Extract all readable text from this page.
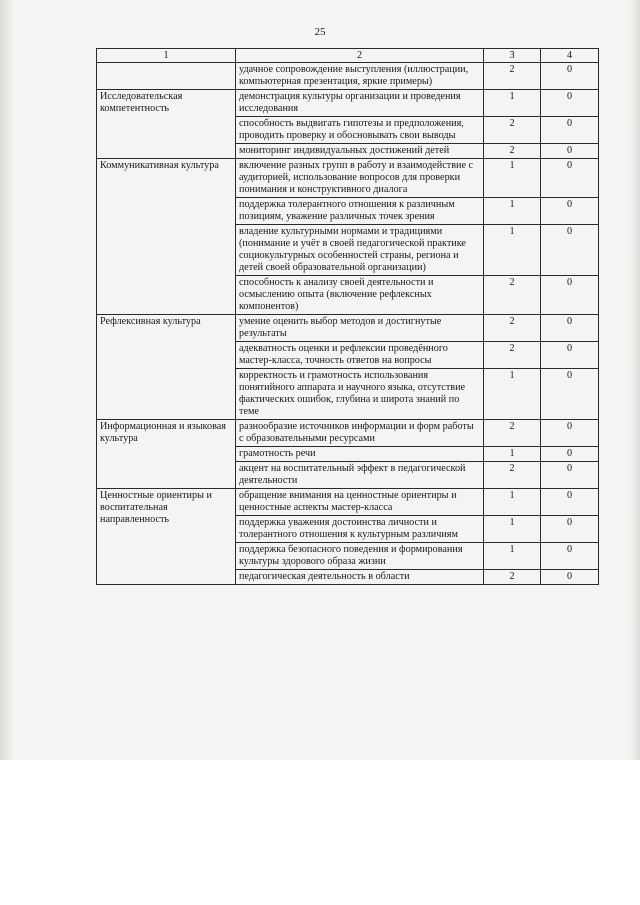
25
1	2	3	4
	удачное сопровождение выступления (иллюстрации, компьютерная презентация, яркие примеры)	2	0
Исследовательская компетентность	демонстрация культуры организации и проведения исследования	1	0
	способность выдвигать гипотезы и предположения, проводить проверку и обосновывать свои выводы	2	0
	мониторинг индивидуальных достижений детей	2	0
Коммуникативная культура	включение разных групп в работу и взаимодействие с аудиторией, использование вопросов для проверки понимания и конструктивного диалога	1	0
	поддержка толерантного отношения к различным позициям, уважение различных точек зрения	1	0
	владение культурными нормами и традициями (понимание и учёт в своей педагогической практике социокультурных особенностей страны, региона и детей своей образовательной организации)	1	0
	способность к анализу своей деятельности и осмыслению опыта (включение рефлексных компонентов)	2	0
Рефлексивная культура	умение оценить выбор методов и достигнутые результаты	2	0
	адекватность оценки и рефлексии проведённого мастер-класса, точность ответов на вопросы	2	0
	корректность и грамотность использования понятийного аппарата и научного языка, отсутствие фактических ошибок, глубина и широта знаний по теме	1	0
Информационная и языковая культура	разнообразие источников информации и форм работы с образовательными ресурсами	2	0
	грамотность речи	1	0
	акцент на воспитательный эффект в педагогической деятельности	2	0
Ценностные ориентиры и воспитательная направленность	обращение внимания на ценностные ориентиры и ценностные аспекты мастер-класса	1	0
	поддержка уважения достоинства личности и толерантного отношения к культурным различиям	1	0
	поддержка безопасного поведения и формирования культуры здорового образа жизни	1	0
	педагогическая деятельность в области	2	0
